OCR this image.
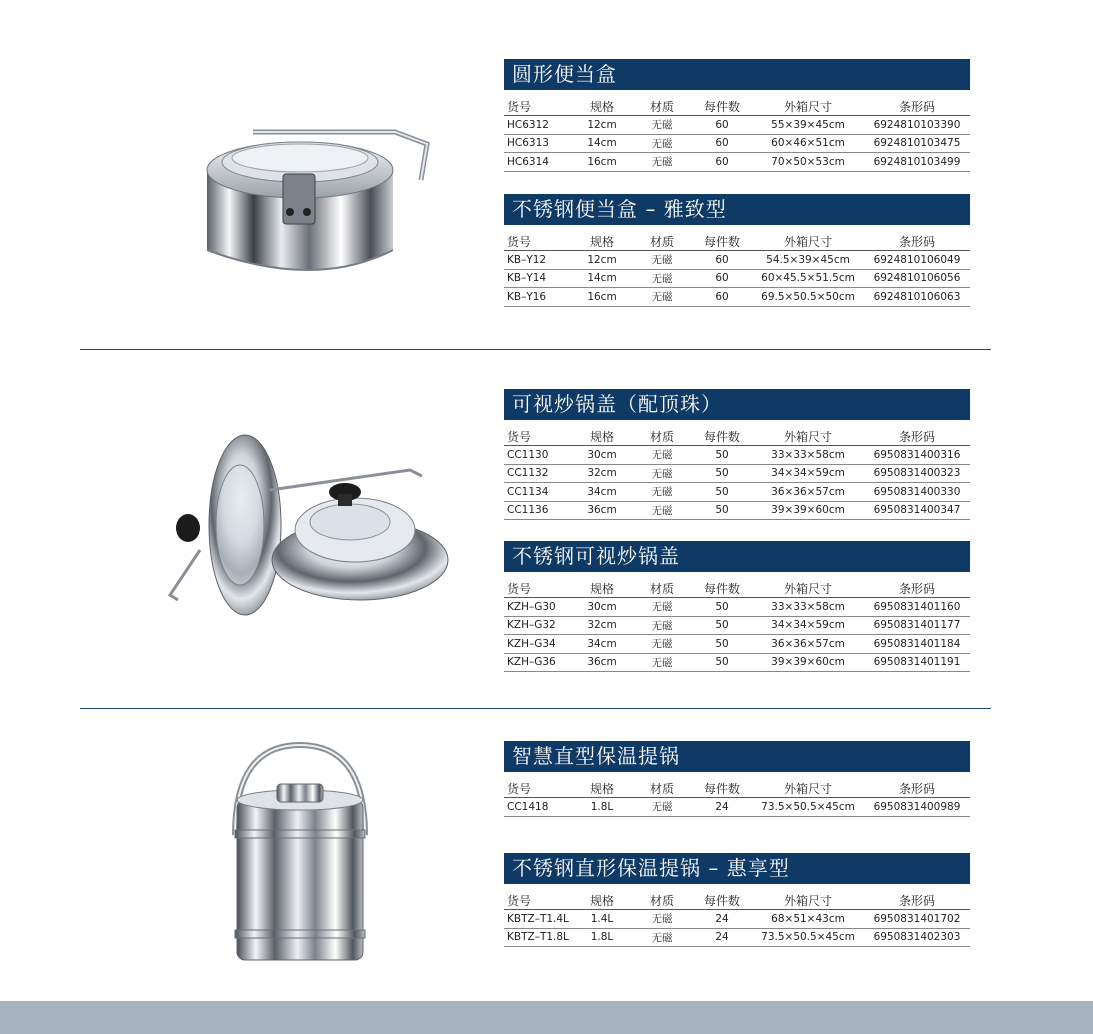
圆形便当盒
货号	规格	材质	每件数	外箱尺寸	条形码
HC6312	12cm	无磁	60	55×39×45cm	6924810103390
HC6313	14cm	无磁	60	60×46×51cm	6924810103475
HC6314	16cm	无磁	60	70×50×53cm	6924810103499
不锈钢便当盒 – 雅致型
货号	规格	材质	每件数	外箱尺寸	条形码
KB–Y12	12cm	无磁	60	54.5×39×45cm	6924810106049
KB–Y14	14cm	无磁	60	60×45.5×51.5cm	6924810106056
KB–Y16	16cm	无磁	60	69.5×50.5×50cm	6924810106063
可视炒锅盖（配顶珠）
货号	规格	材质	每件数	外箱尺寸	条形码
CC1130	30cm	无磁	50	33×33×58cm	6950831400316
CC1132	32cm	无磁	50	34×34×59cm	6950831400323
CC1134	34cm	无磁	50	36×36×57cm	6950831400330
CC1136	36cm	无磁	50	39×39×60cm	6950831400347
不锈钢可视炒锅盖
货号	规格	材质	每件数	外箱尺寸	条形码
KZH–G30	30cm	无磁	50	33×33×58cm	6950831401160
KZH–G32	32cm	无磁	50	34×34×59cm	6950831401177
KZH–G34	34cm	无磁	50	36×36×57cm	6950831401184
KZH–G36	36cm	无磁	50	39×39×60cm	6950831401191
智慧直型保温提锅
货号	规格	材质	每件数	外箱尺寸	条形码
CC1418	1.8L	无磁	24	73.5×50.5×45cm	6950831400989
不锈钢直形保温提锅 – 惠享型
货号	规格	材质	每件数	外箱尺寸	条形码
KBTZ–T1.4L	1.4L	无磁	24	68×51×43cm	6950831401702
KBTZ–T1.8L	1.8L	无磁	24	73.5×50.5×45cm	6950831402303
